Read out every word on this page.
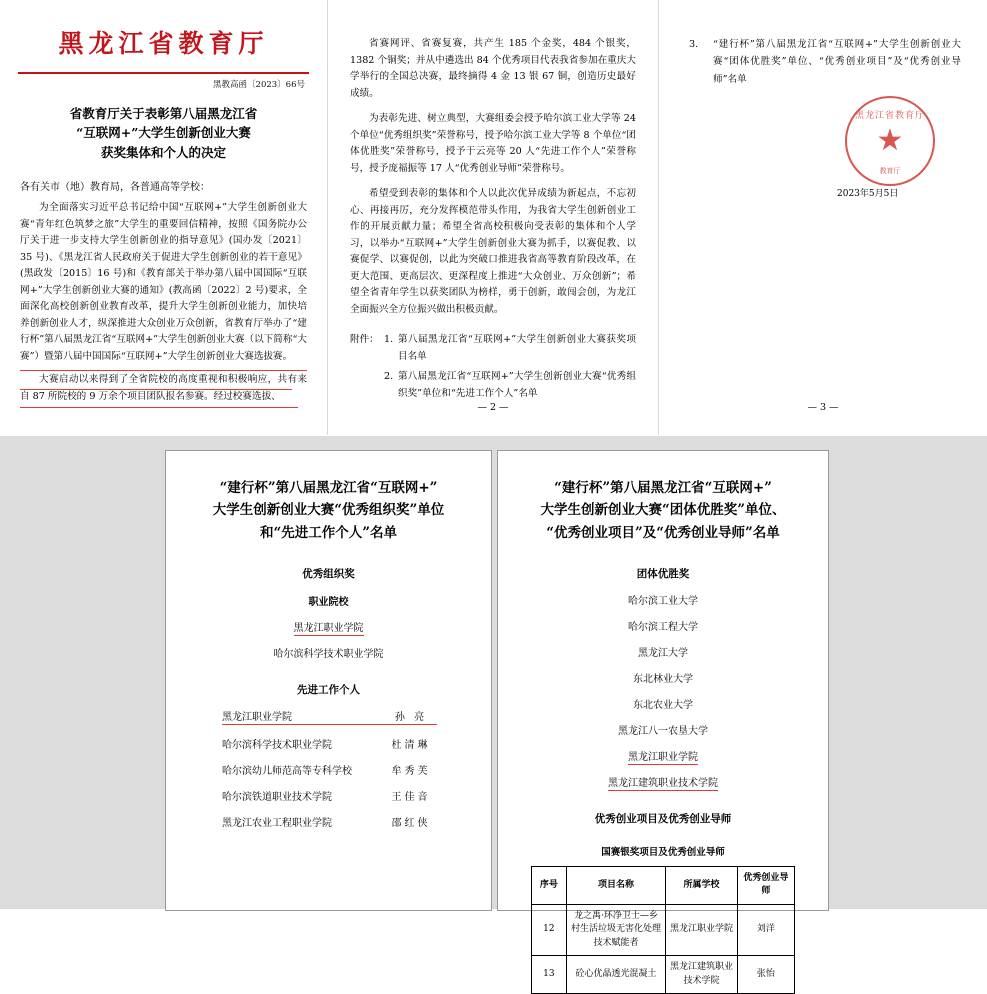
黑龙江省教育厅
黑教高函〔2023〕66号
省教育厅关于表彰第八届黑龙江省
“互联网+”大学生创新创业大赛
获奖集体和个人的决定
各有关市（地）教育局，各普通高等学校：
为全面落实习近平总书记给中国“互联网+”大学生创新创业大赛“青年红色筑梦之旅”大学生的重要回信精神，按照《国务院办公厅关于进一步支持大学生创新创业的指导意见》(国办发〔2021〕35 号)、《黑龙江省人民政府关于促进大学生创新创业的若干意见》(黑政发〔2015〕16 号)和《教育部关于举办第八届中国国际“互联网+”大学生创新创业大赛的通知》(教高函〔2022〕2 号)要求，全面深化高校创新创业教育改革，提升大学生创新创业能力，加快培养创新创业人才，纵深推进大众创业万众创新，省教育厅举办了“建行杯”第八届黑龙江省“互联网+”大学生创新创业大赛（以下简称“大赛”）暨第八届中国国际“互联网+”大学生创新创业大赛选拔赛。
大赛启动以来得到了全省院校的高度重视和积极响应，共有来自 87 所院校的 9 万余个项目团队报名参赛。经过校赛选拔、
省赛网评、省赛复赛，共产生 185 个金奖，484 个银奖，1382 个铜奖；并从中遴选出 84 个优秀项目代表我省参加在重庆大学举行的全国总决赛，最终摘得 4 金 13 银 67 铜，创造历史最好成绩。
为表彰先进、树立典型，大赛组委会授予哈尔滨工业大学等 24 个单位“优秀组织奖”荣誉称号，授予哈尔滨工业大学等 8 个单位“团体优胜奖”荣誉称号，授予于云亮等 20 人“先进工作个人”荣誉称号，授予庞福振等 17 人“优秀创业导师”荣誉称号。
希望受到表彰的集体和个人以此次优异成绩为新起点，不忘初心、再接再厉，充分发挥模范带头作用，为我省大学生创新创业工作的开展贡献力量；希望全省高校积极向受表彰的集体和个人学习，以举办“互联网+”大学生创新创业大赛为抓手，以赛促教、以赛促学、以赛促创，以此为突破口推进我省高等教育阶段改革，在更大范围、更高层次、更深程度上推进“大众创业、万众创新”；希望全省青年学生以获奖团队为榜样，勇于创新，敢闯会创，为龙江全面振兴全方位振兴做出积极贡献。
附件： 1. 第八届黑龙江省“互联网+”大学生创新创业大赛获奖项目名单
2. 第八届黑龙江省“互联网+”大学生创新创业大赛“优秀组织奖”单位和“先进工作个人”名单
— 2 —
3.	“建行杯”第八届黑龙江省“互联网+”大学生创新创业大赛“团体优胜奖”单位、“优秀创业项目”及“优秀创业导师”名单
黑龙江省教育厅
★
教育厅
2023年5月5日
— 3 —
“建行杯”第八届黑龙江省“互联网+”
大学生创新创业大赛“优秀组织奖”单位
和“先进工作个人”名单
优秀组织奖
职业院校
黑龙江职业学院
哈尔滨科学技术职业学院
先进工作个人
黑龙江职业学院	孙 亮
哈尔滨科学技术职业学院	杜清琳
哈尔滨幼儿师范高等专科学校	牟秀芙
哈尔滨铁道职业技术学院	王佳音
黑龙江农业工程职业学院	邵红侠
“建行杯”第八届黑龙江省“互联网+”
大学生创新创业大赛“团体优胜奖”单位、
“优秀创业项目”及“优秀创业导师”名单
团体优胜奖
哈尔滨工业大学
哈尔滨工程大学
黑龙江大学
东北林业大学
东北农业大学
黑龙江八一农垦大学
黑龙江职业学院
黑龙江建筑职业技术学院
优秀创业项目及优秀创业导师
国赛银奖项目及优秀创业导师
序号	项目名称	所属学校	优秀创业导师
12	龙之禹·环净卫士—乡村生活垃圾无害化处理技术赋能者	黑龙江职业学院	刘洋
13	砼心优晶透光混凝土	黑龙江建筑职业技术学院	张怡
